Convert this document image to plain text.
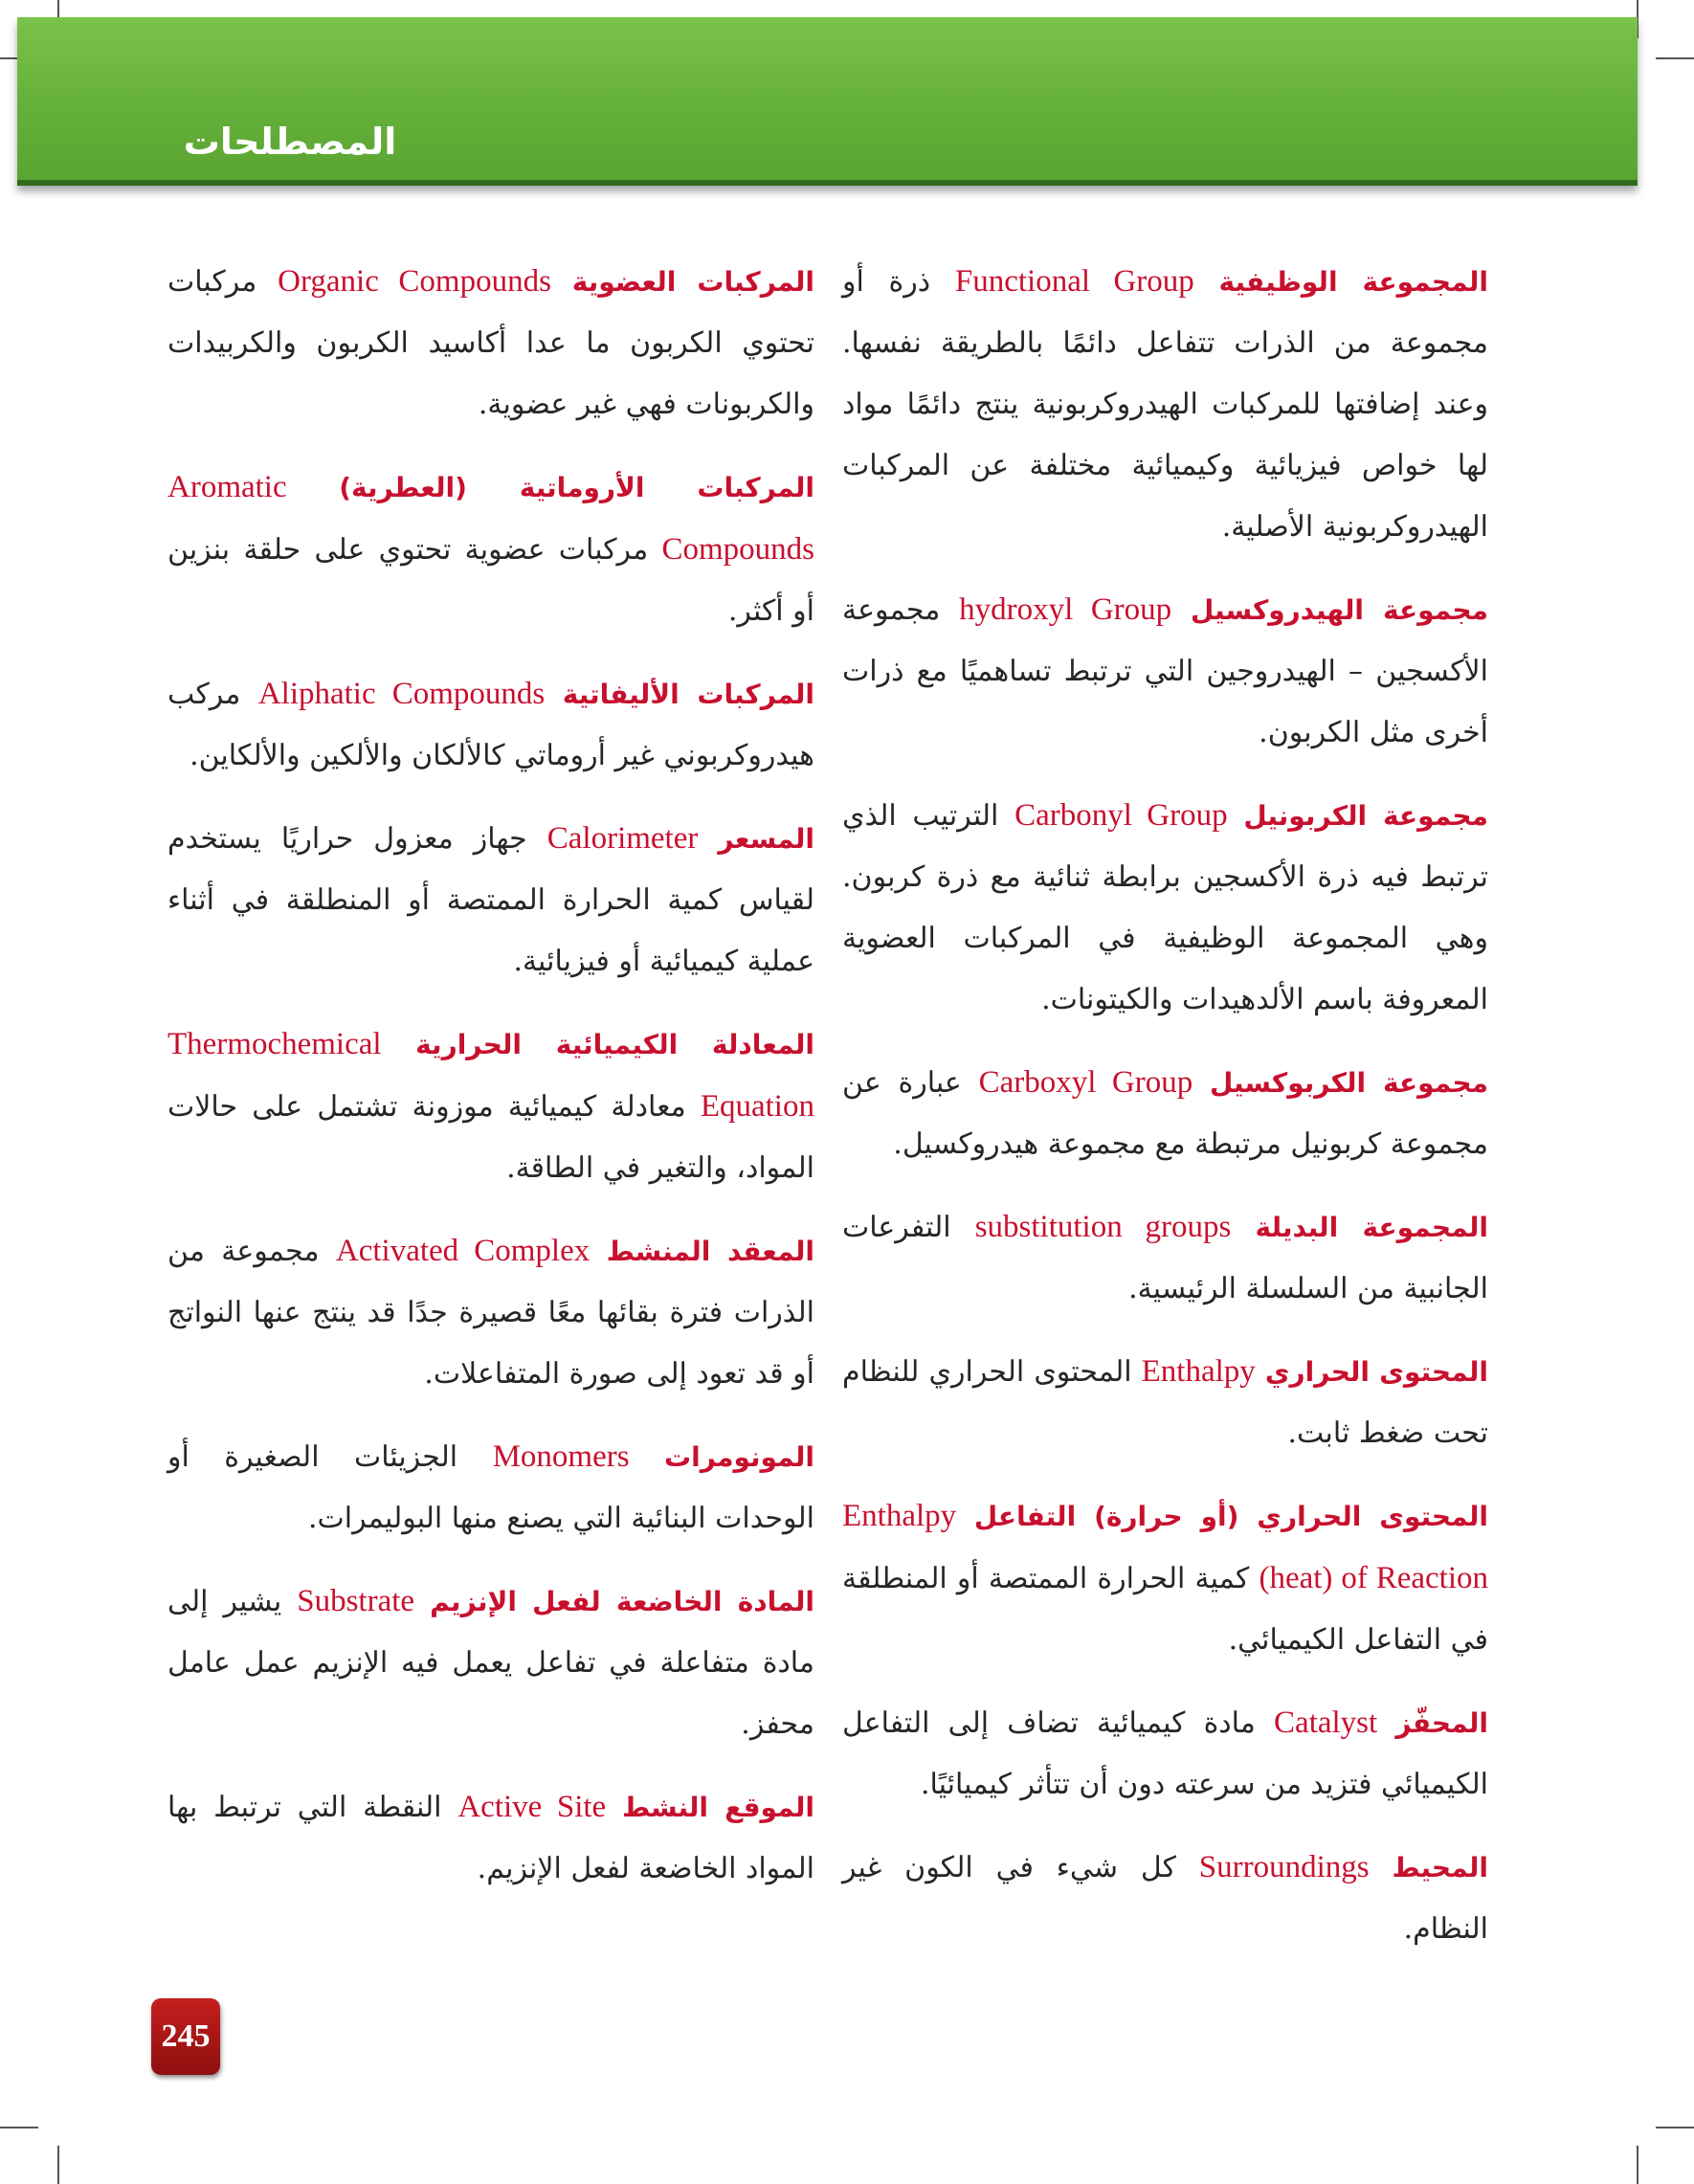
المصطلحات

المجموعة الوظيفية Functional Group ذرة أو مجموعة من الذرات تتفاعل دائمًا بالطريقة نفسها. وعند إضافتها للمركبات الهيدروكربونية ينتج دائمًا مواد لها خواص فيزيائية وكيميائية مختلفة عن المركبات الهيدروكربونية الأصلية.

مجموعة الهيدروكسيل hydroxyl Group مجموعة الأكسجين – الهيدروجين التي ترتبط تساهميًا مع ذرات أخرى مثل الكربون.

مجموعة الكربونيل Carbonyl Group الترتيب الذي ترتبط فيه ذرة الأكسجين برابطة ثنائية مع ذرة كربون. وهي المجموعة الوظيفية في المركبات العضوية المعروفة باسم الألدهيدات والكيتونات.

مجموعة الكربوكسيل Carboxyl Group عبارة عن مجموعة كربونيل مرتبطة مع مجموعة هيدروكسيل.

المجموعة البديلة substitution groups التفرعات الجانبية من السلسلة الرئيسية.

المحتوى الحراري Enthalpy المحتوى الحراري للنظام تحت ضغط ثابت.

المحتوى الحراري (أو حرارة) التفاعل Enthalpy (heat) of Reaction كمية الحرارة الممتصة أو المنطلقة في التفاعل الكيميائي.

المحفّز Catalyst مادة كيميائية تضاف إلى التفاعل الكيميائي فتزيد من سرعته دون أن تتأثر كيميائيًا.

المحيط Surroundings كل شيء في الكون غير النظام.

المركبات العضوية Organic Compounds مركبات تحتوي الكربون ما عدا أكاسيد الكربون والكربيدات والكربونات فهي غير عضوية.

المركبات الأروماتية (العطرية) Aromatic Compounds مركبات عضوية تحتوي على حلقة بنزين أو أكثر.

المركبات الأليفاتية Aliphatic Compounds مركب هيدروكربوني غير أروماتي كالألكان والألكين والألكاين.

المسعر Calorimeter جهاز معزول حراريًا يستخدم لقياس كمية الحرارة الممتصة أو المنطلقة في أثناء عملية كيميائية أو فيزيائية.

المعادلة الكيميائية الحرارية Thermochemical Equation معادلة كيميائية موزونة تشتمل على حالات المواد، والتغير في الطاقة.

المعقد المنشط Activated Complex مجموعة من الذرات فترة بقائها معًا قصيرة جدًا قد ينتج عنها النواتج أو قد تعود إلى صورة المتفاعلات.

المونومرات Monomers الجزيئات الصغيرة أو الوحدات البنائية التي يصنع منها البوليمرات.

المادة الخاضعة لفعل الإنزيم Substrate يشير إلى مادة متفاعلة في تفاعل يعمل فيه الإنزيم عمل عامل محفز.

الموقع النشط Active Site النقطة التي ترتبط بها المواد الخاضعة لفعل الإنزيم.

245
